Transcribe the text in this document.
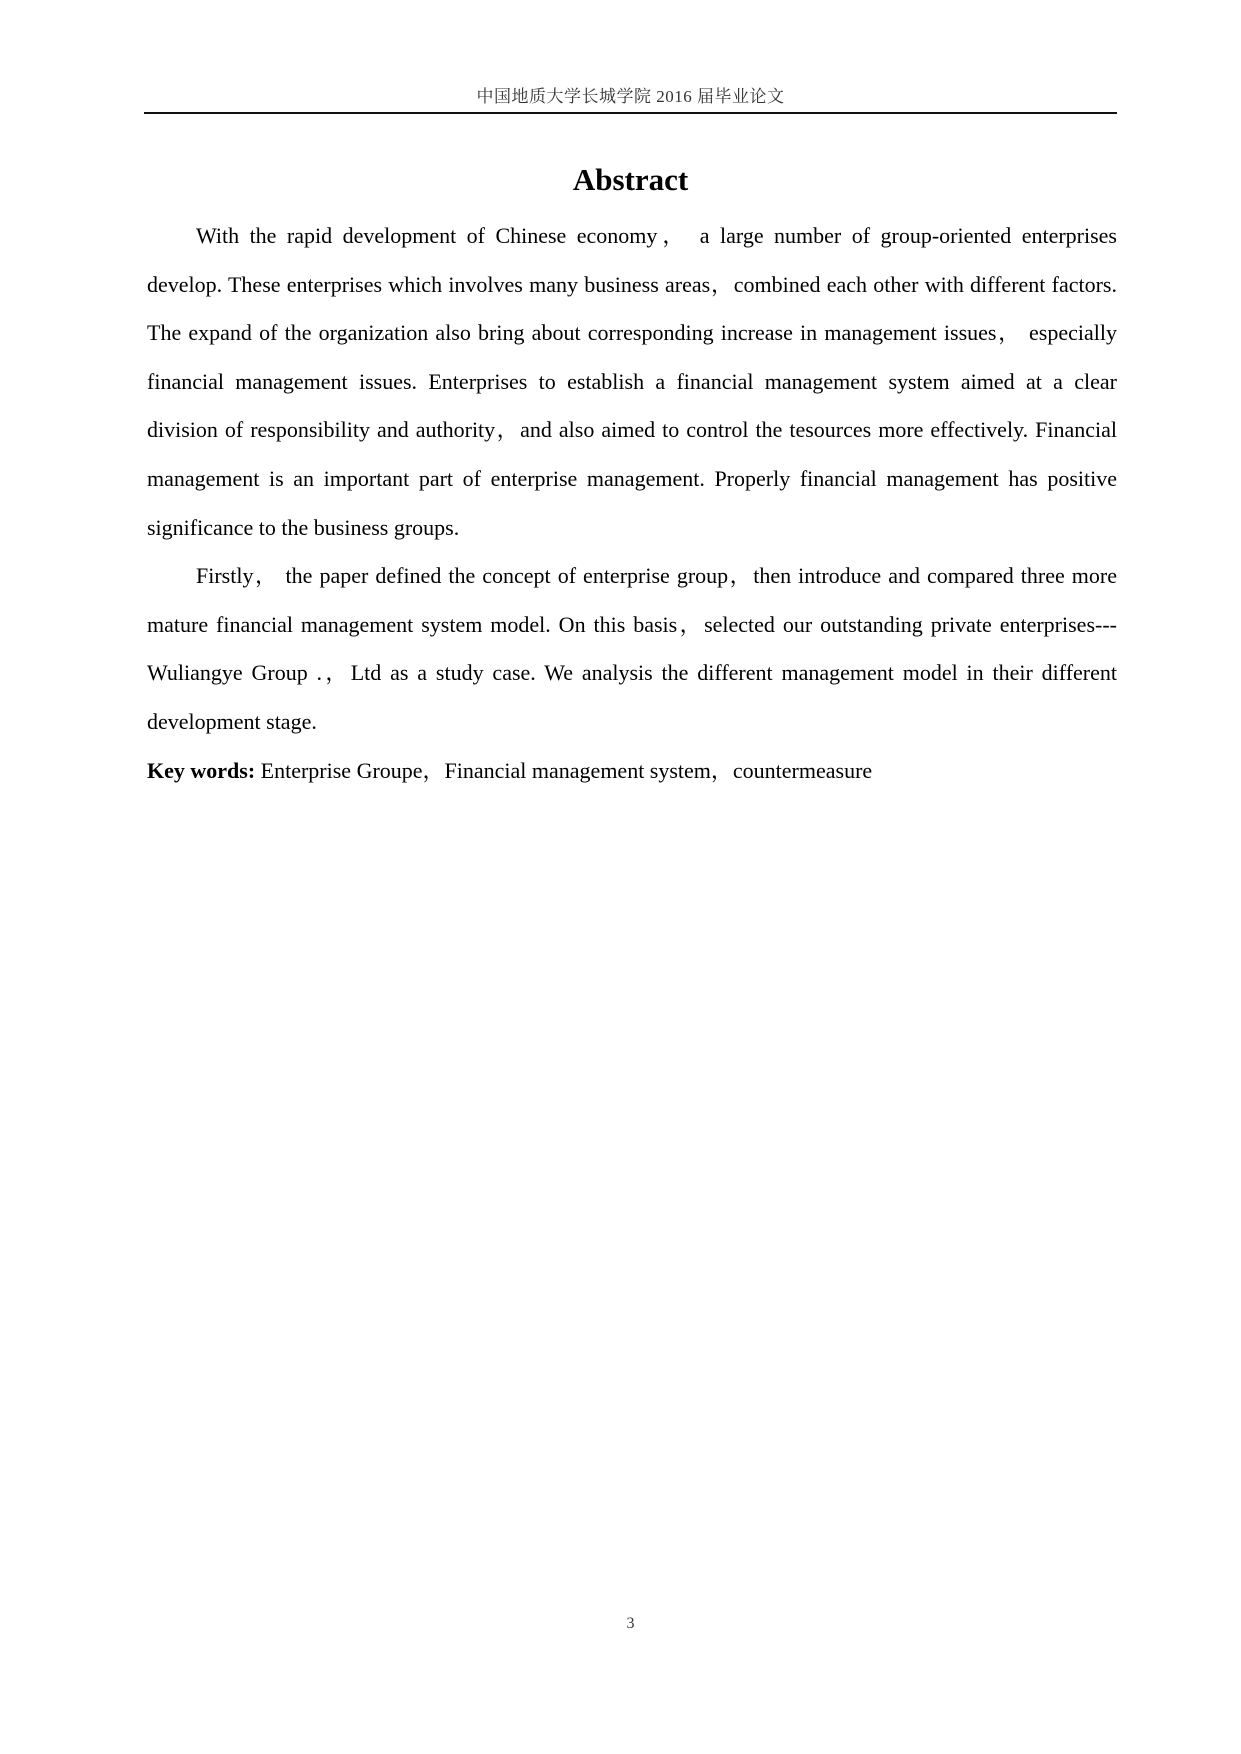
中国地质大学长城学院 2016 届毕业论文
Abstract

With the rapid development of Chinese economy， a large number of group-oriented enterprises develop. These enterprises which involves many business areas，combined each other with different factors. The expand of the organization also bring about corresponding increase in management issues， especially financial management issues. Enterprises to establish a financial management system aimed at a clear division of responsibility and authority，and also aimed to control the tesources more effectively. Financial management is an important part of enterprise management. Properly financial management has positive significance to the business groups.

Firstly， the paper defined the concept of enterprise group，then introduce and compared three more mature financial management system model. On this basis，selected our outstanding private enterprises---Wuliangye Group .，Ltd as a study case. We analysis the different management model in their different development stage.

Key words: Enterprise Groupe，Financial management system，countermeasure

3
